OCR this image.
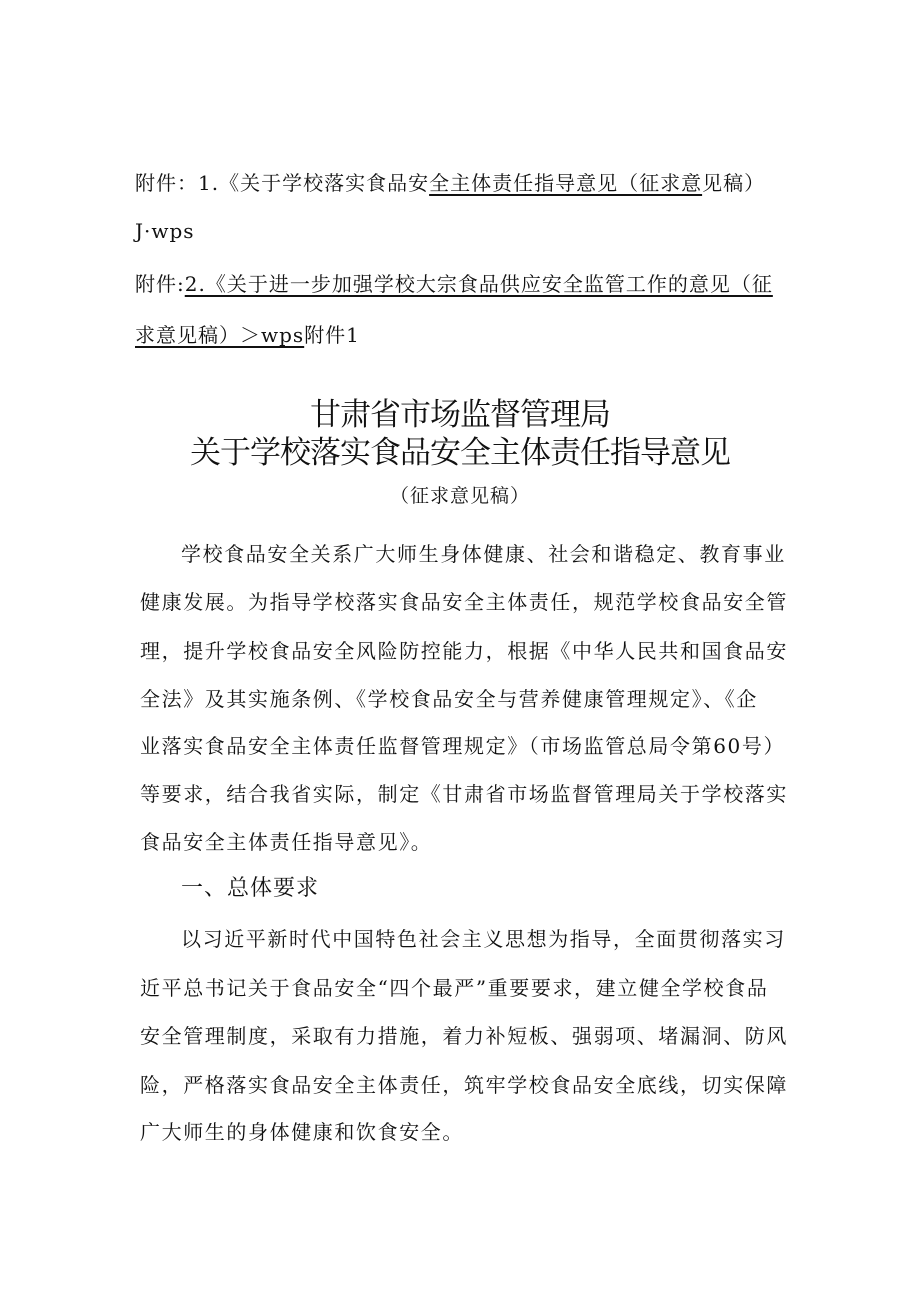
附件：1.《关于学校落实食品安全主体责任指导意见（征求意见稿）
J·wps
附件:2.《关于进一步加强学校大宗食品供应安全监管工作的意见（征
求意见稿）＞wps附件1
甘肃省市场监督管理局
关于学校落实食品安全主体责任指导意见
（征求意见稿）
学校食品安全关系广大师生身体健康、社会和谐稳定、教育事业
健康发展。为指导学校落实食品安全主体责任，规范学校食品安全管
理，提升学校食品安全风险防控能力，根据《中华人民共和国食品安
全法》及其实施条例、《学校食品安全与营养健康管理规定》、《企
业落实食品安全主体责任监督管理规定》（市场监管总局令第60号）
等要求，结合我省实际，制定《甘肃省市场监督管理局关于学校落实
食品安全主体责任指导意见》。
一、总体要求
以习近平新时代中国特色社会主义思想为指导，全面贯彻落实习
近平总书记关于食品安全“四个最严”重要要求，建立健全学校食品
安全管理制度，采取有力措施，着力补短板、强弱项、堵漏洞、防风
险，严格落实食品安全主体责任，筑牢学校食品安全底线，切实保障
广大师生的身体健康和饮食安全。
